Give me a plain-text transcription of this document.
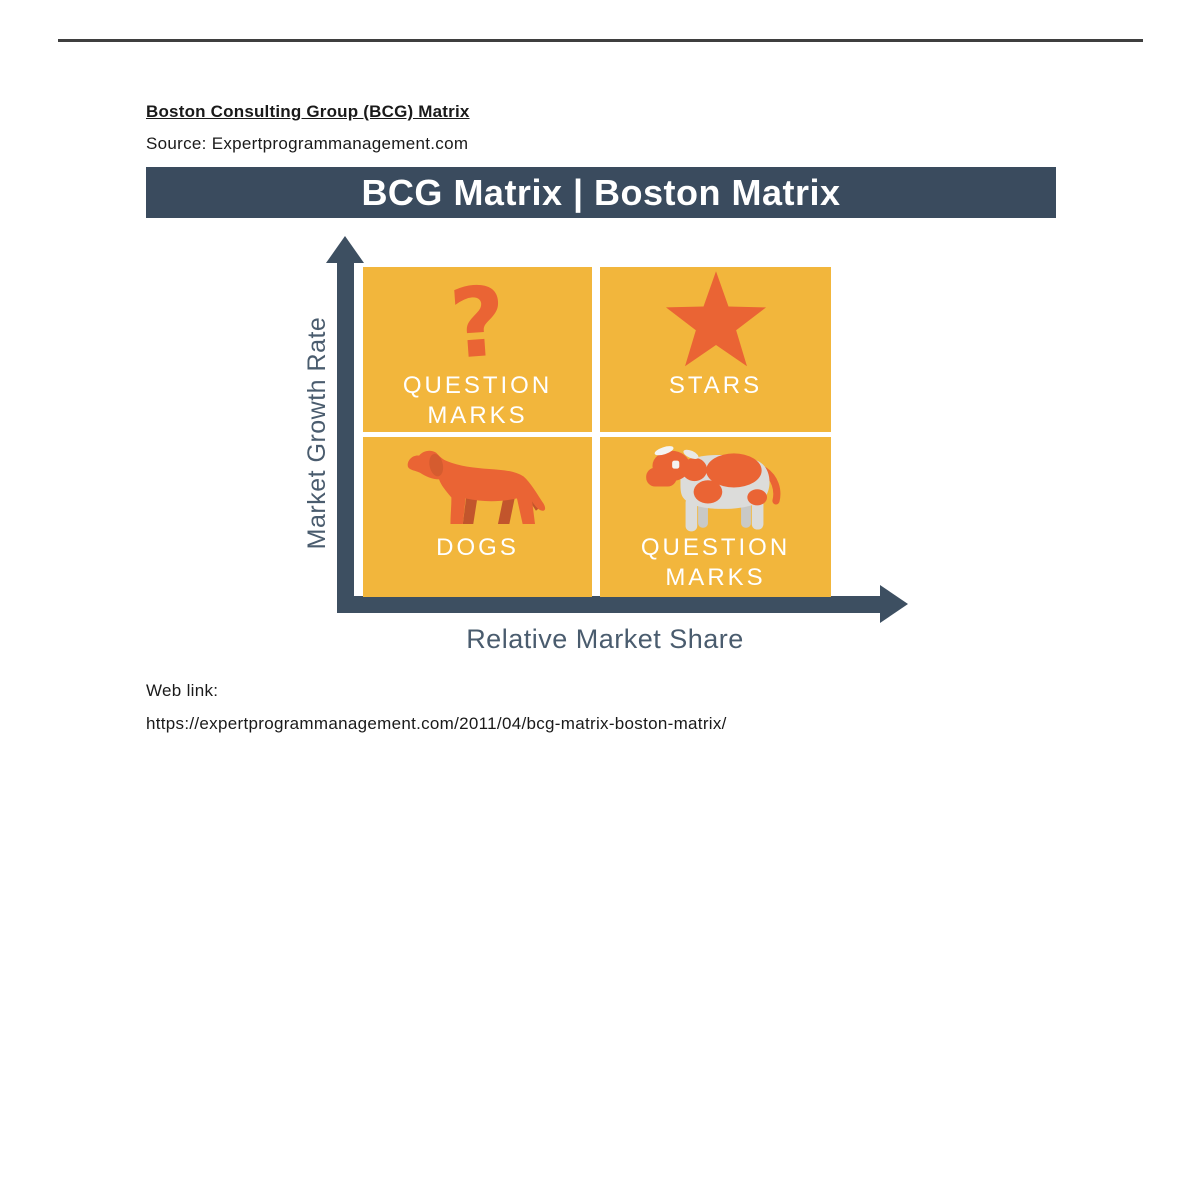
Boston Consulting Group (BCG) Matrix
Source: Expertprogrammanagement.com
BCG Matrix | Boston Matrix
Market Growth Rate
Relative Market Share
?
QUESTION
MARKS
STARS
DOGS	QUESTION
MARKS
Web link:
https://expertprogrammanagement.com/2011/04/bcg-matrix-boston-matrix/
